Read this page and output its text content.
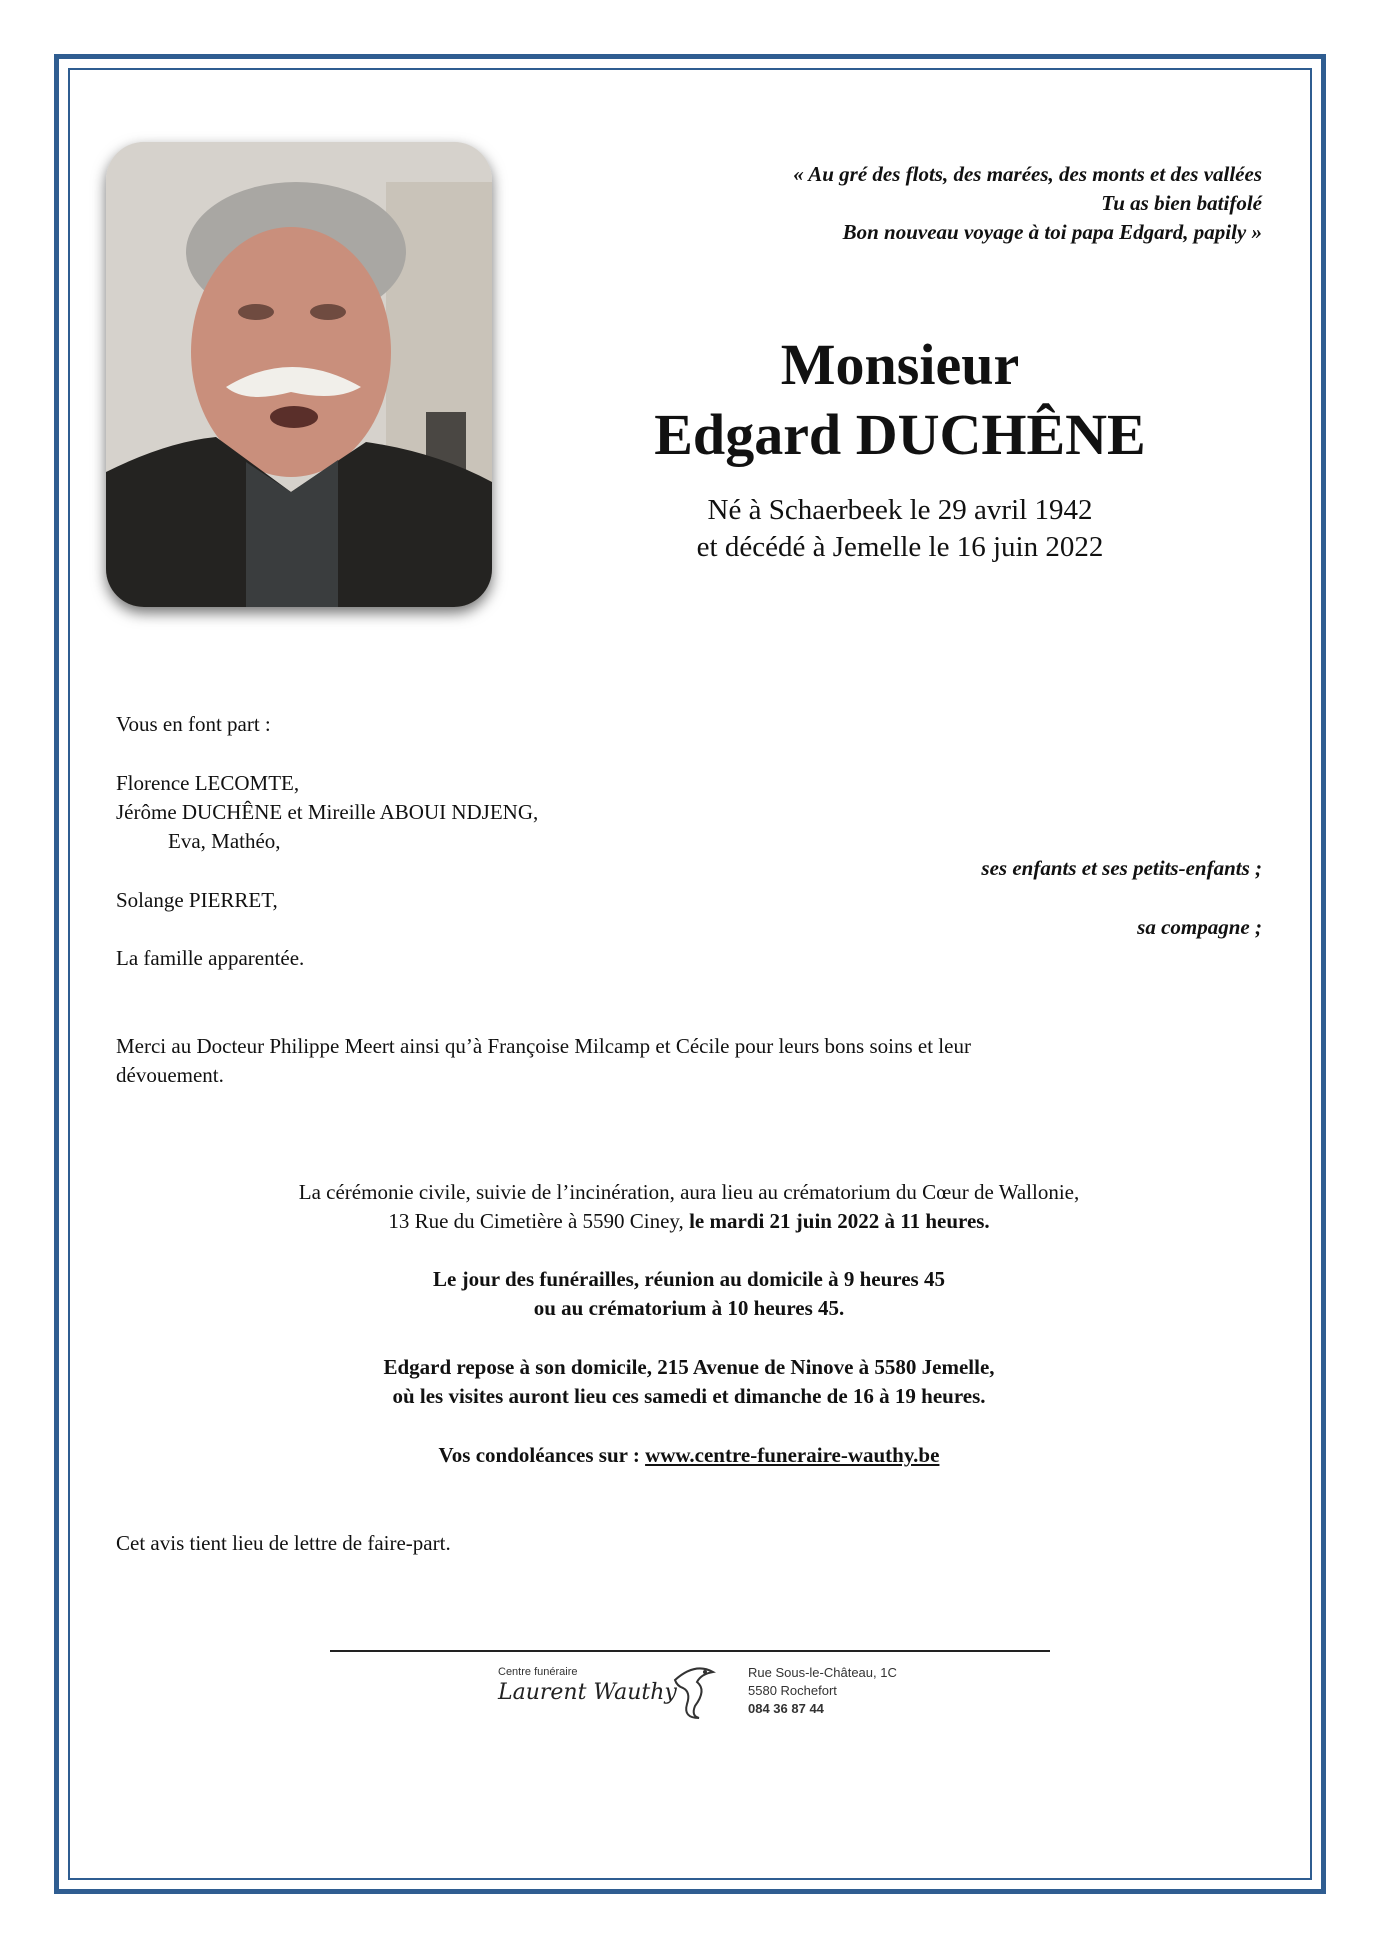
« Au gré des flots, des marées, des monts et des vallées
Tu as bien batifolé
Bon nouveau voyage à toi papa Edgard, papily »
Monsieur
Edgard DUCHÊNE
Né à Schaerbeek le 29 avril 1942
et décédé à Jemelle le 16 juin 2022
Vous en font part :
Florence LECOMTE,
Jérôme DUCHÊNE et Mireille ABOUI NDJENG,
Eva, Mathéo,
ses enfants et ses petits-enfants ;
Solange PIERRET,
sa compagne ;
La famille apparentée.
Merci au Docteur Philippe Meert ainsi qu’à Françoise Milcamp et Cécile pour leurs bons soins et leur
dévouement.
La cérémonie civile, suivie de l’incinération, aura lieu au crématorium du Cœur de Wallonie,
13 Rue du Cimetière à 5590 Ciney, le mardi 21 juin 2022 à 11 heures.
Le jour des funérailles, réunion au domicile à 9 heures 45
ou au crématorium à 10 heures 45.
Edgard repose à son domicile, 215 Avenue de Ninove à 5580 Jemelle,
où les visites auront lieu ces samedi et dimanche de 16 à 19 heures.
Vos condoléances sur : www.centre-funeraire-wauthy.be
Cet avis tient lieu de lettre de faire-part.
Centre funéraire
Laurent Wauthy
Rue Sous-le-Château, 1C
5580 Rochefort
084 36 87 44
